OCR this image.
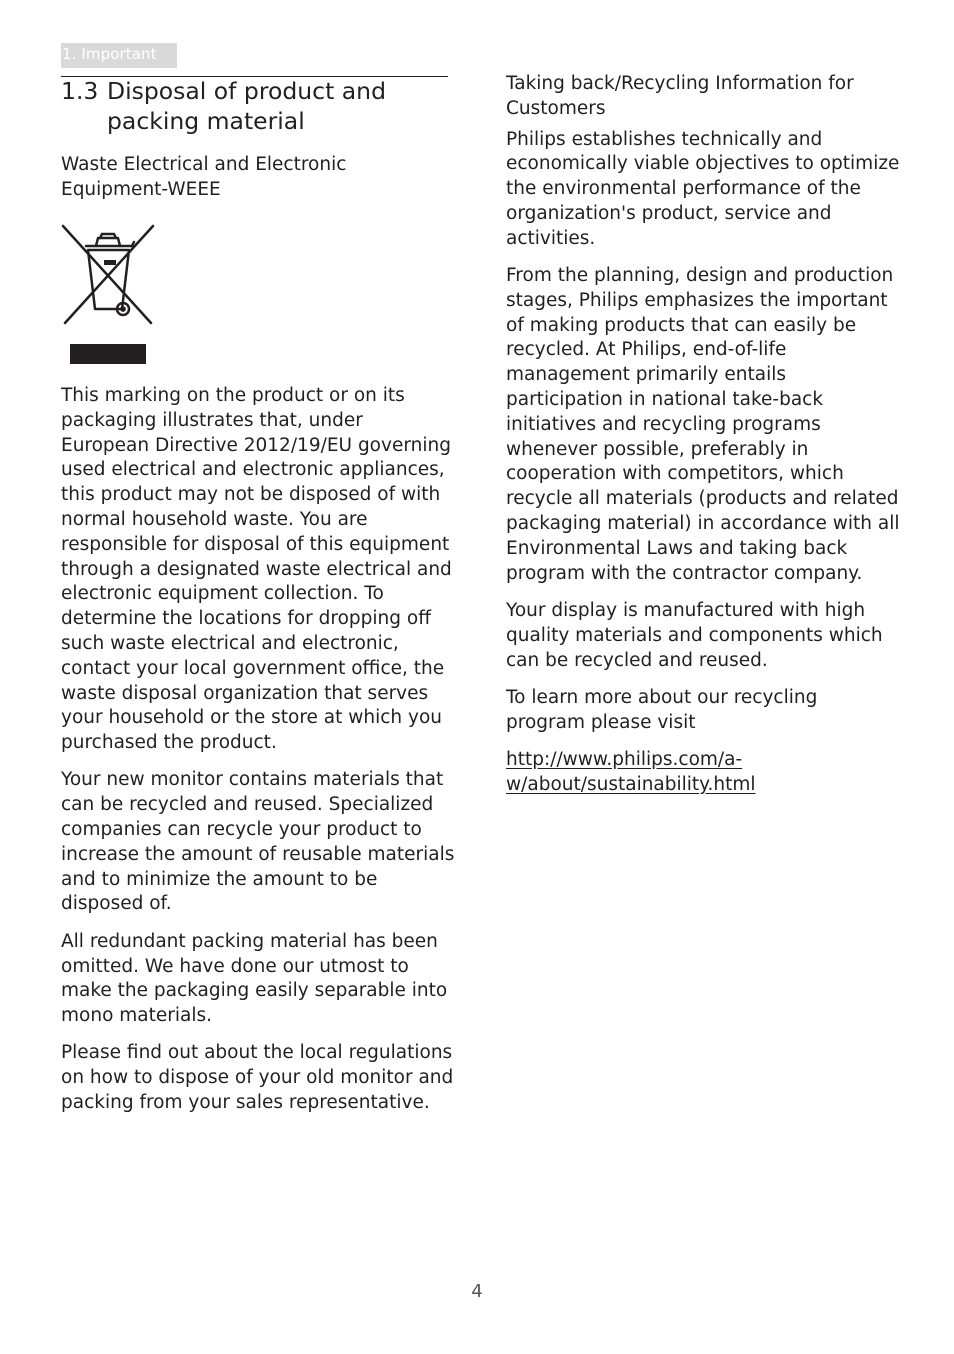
1. Important
1.3 Disposal of product and packing material

Waste Electrical and Electronic Equipment-WEEE

This marking on the product or on its packaging illustrates that, under European Directive 2012/19/EU governing used electrical and electronic appliances, this product may not be disposed of with normal household waste. You are responsible for disposal of this equipment through a designated waste electrical and electronic equipment collection. To determine the locations for dropping off such waste electrical and electronic, contact your local government office, the waste disposal organization that serves your household or the store at which you purchased the product.

Your new monitor contains materials that can be recycled and reused. Specialized companies can recycle your product to increase the amount of reusable materials and to minimize the amount to be disposed of.

All redundant packing material has been omitted. We have done our utmost to make the packaging easily separable into mono materials.

Please find out about the local regulations on how to dispose of your old monitor and packing from your sales representative.

Taking back/Recycling Information for Customers

Philips establishes technically and economically viable objectives to optimize the environmental performance of the organization's product, service and activities.

From the planning, design and production stages, Philips emphasizes the important of making products that can easily be recycled. At Philips, end-of-life management primarily entails participation in national take-back initiatives and recycling programs whenever possible, preferably in cooperation with competitors, which recycle all materials (products and related packaging material) in accordance with all Environmental Laws and taking back program with the contractor company.

Your display is manufactured with high quality materials and components which can be recycled and reused.

To learn more about our recycling program please visit

http://www.philips.com/a-w/about/sustainability.html

4
